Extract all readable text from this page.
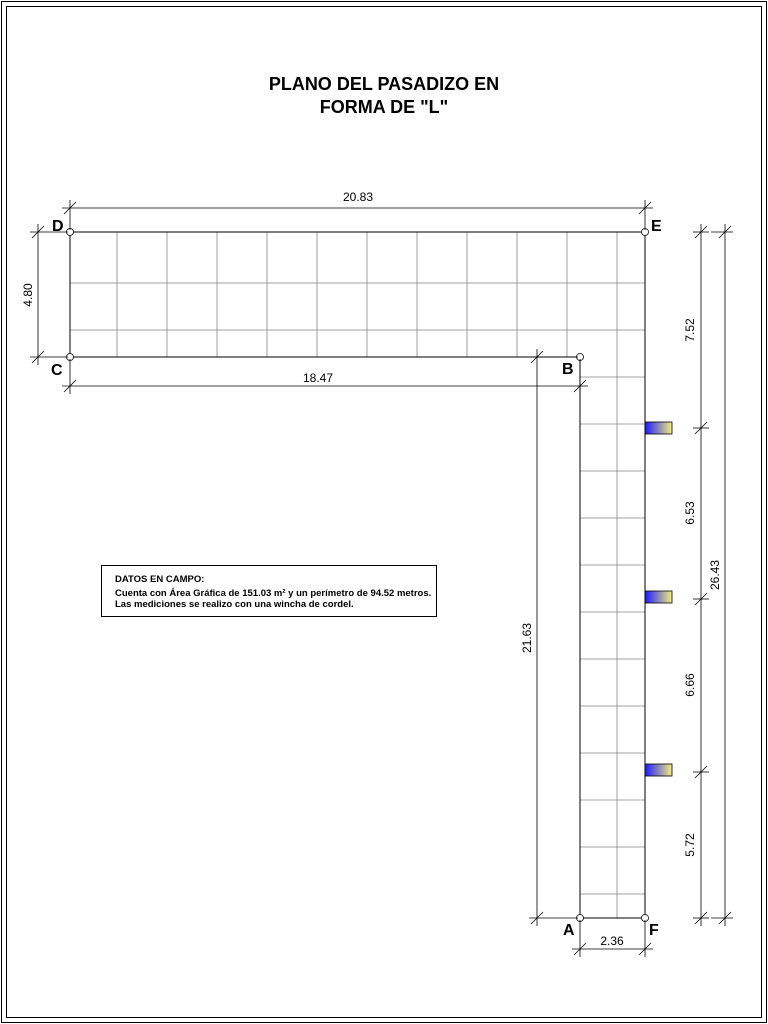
D	E
C	B
A	F
20.83
4.80
18.47
21.63
2.36
7.52
6.53
6.66
5.72
26.43
PLANO DEL PASADIZO EN
FORMA DE "L"
DATOS EN CAMPO:
Cuenta con Área Gráfica de 151.03 m² y un perímetro de 94.52 metros.
Las mediciones se realizo con una wincha de cordel.
